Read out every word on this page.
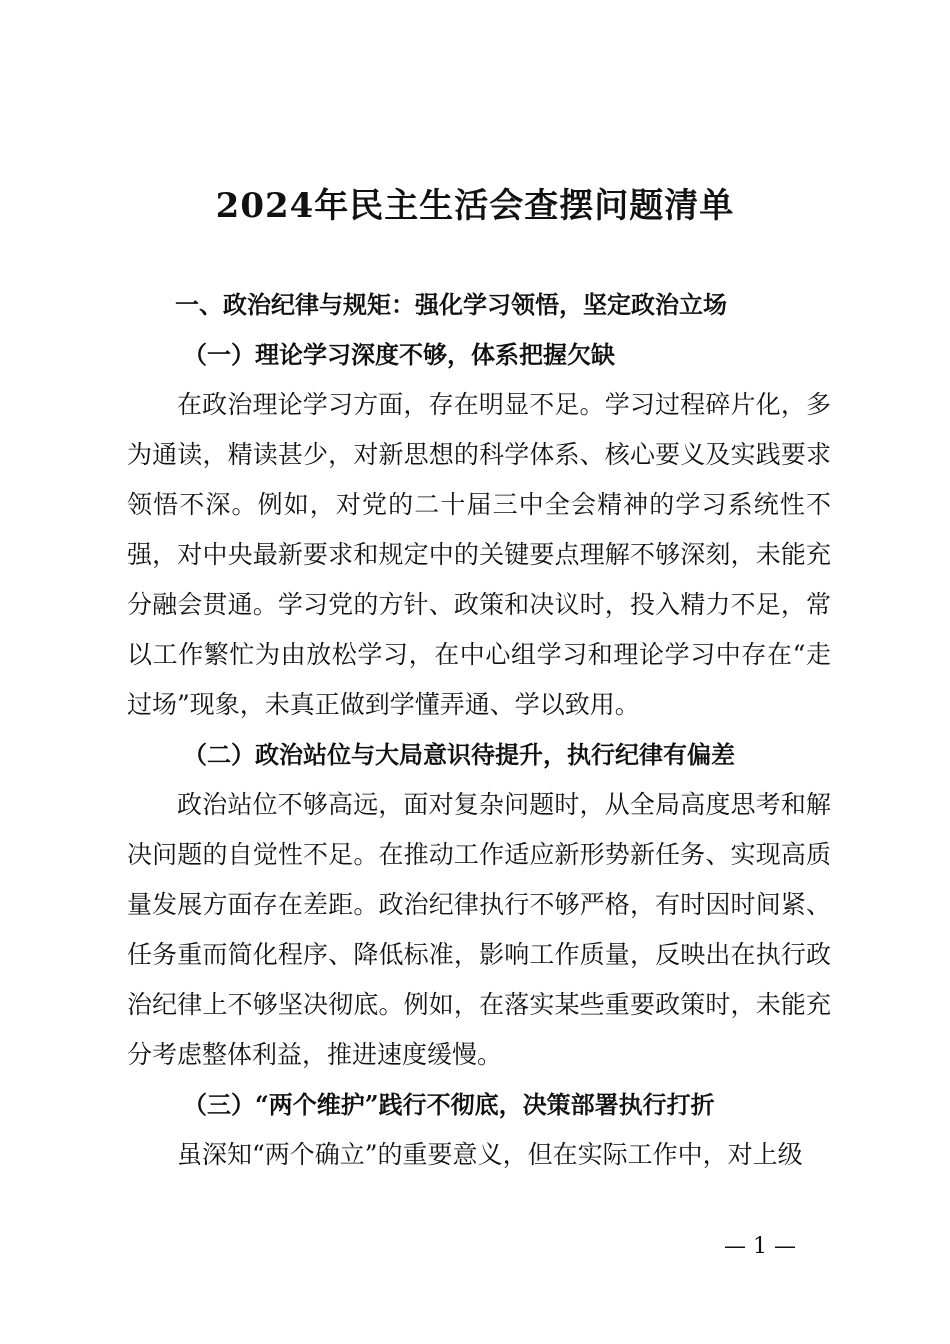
2024年民主生活会查摆问题清单

一、政治纪律与规矩：强化学习领悟，坚定政治立场

（一）理论学习深度不够，体系把握欠缺

在政治理论学习方面，存在明显不足。学习过程碎片化，多为通读，精读甚少，对新思想的科学体系、核心要义及实践要求领悟不深。例如，对党的二十届三中全会精神的学习系统性不强，对中央最新要求和规定中的关键要点理解不够深刻，未能充分融会贯通。学习党的方针、政策和决议时，投入精力不足，常以工作繁忙为由放松学习，在中心组学习和理论学习中存在“走过场”现象，未真正做到学懂弄通、学以致用。

（二）政治站位与大局意识待提升，执行纪律有偏差

政治站位不够高远，面对复杂问题时，从全局高度思考和解决问题的自觉性不足。在推动工作适应新形势新任务、实现高质量发展方面存在差距。政治纪律执行不够严格，有时因时间紧、任务重而简化程序、降低标准，影响工作质量，反映出在执行政治纪律上不够坚决彻底。例如，在落实某些重要政策时，未能充分考虑整体利益，推进速度缓慢。

（三）“两个维护”践行不彻底，决策部署执行打折

虽深知“两个确立”的重要意义，但在实际工作中，对上级

— 1 —
